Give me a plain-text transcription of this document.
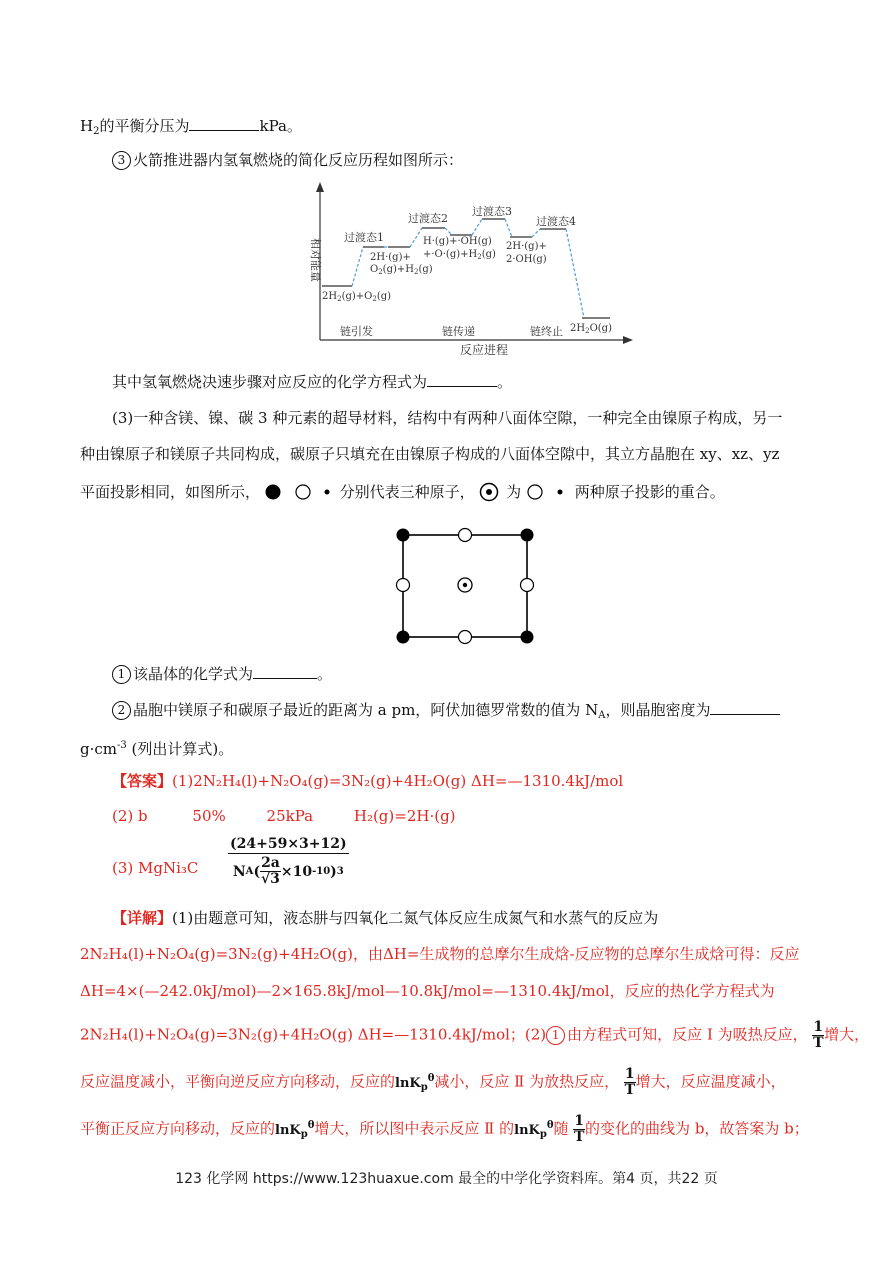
$H_2$的平衡分压为	kPa。
3 火箭推进器内氢氧燃烧的简化反应历程如图所示：
相对能量
反应进程
过渡态1
过渡态2
过渡态3
过渡态4
$2H_2(g)+O_2(g)$
2H·(g)+
$O_2(g)+H_2(g)$
H·(g)+·OH(g)
$+\cdot O\cdot(g)+H_2(g)$
2H·(g)+
2·OH(g)
$2H_2O(g)$
链引发	链传递	链终止
其中氢氧燃烧决速步骤对应反应的化学方程式为	。
(3)一种含镁、镍、碳 3 种元素的超导材料，结构中有两种八面体空隙，一种完全由镍原子构成，另一
种由镍原子和镁原子共同构成，碳原子只填充在由镍原子构成的八面体空隙中，其立方晶胞在 xy、xz、yz
平面投影相同，如图所示，	分别代表三种原子， 为	两种原子投影的重合。
1 该晶体的化学式为	。
2 晶胞中镁原子和碳原子最近的距离为 a pm，阿伏加德罗常数的值为 $N_A$，则晶胞密度为
$g\cdot cm^{-3}$ (列出计算式)。
【答案】(1)2N₂H₄(l)+N₂O₄(g)=3N₂(g)+4H₂O(g) ΔH=—1310.4kJ/mol
(2) b	50%	25kPa	H₂(g)=2H·(g)
(3) MgNi₃C $\frac{(24+59\times 3+12)}{N A ( \frac{2a}{√3} \times 10 -10 ) 3}$
【详解】(1)由题意可知，液态肼与四氧化二氮气体反应生成氮气和水蒸气的反应为
2N₂H₄(l)+N₂O₄(g)=3N₂(g)+4H₂O(g)，由ΔH=生成物的总摩尔生成焓-反应物的总摩尔生成焓可得：反应
ΔH=4×(—242.0kJ/mol)—2×165.8kJ/mol—10.8kJ/mol=—1310.4kJ/mol，反应的热化学方程式为
2N₂H₄(l)+N₂O₄(g)=3N₂(g)+4H₂O(g) ΔH=—1310.4kJ/mol；(2) 1 由方程式可知，反应 Ⅰ 为吸热反应， $\frac{1}{T}$ 增大，
反应温度减小，平衡向逆反应方向移动，反应的lnK$_p^\theta$减小，反应 Ⅱ 为放热反应， $\frac{1}{T}$ 增大，反应温度减小，
平衡正反应方向移动，反应的lnK$_p^\theta$增大，所以图中表示反应 Ⅱ 的lnK$_p^\theta$随 $\frac{1}{T}$ 的变化的曲线为 b，故答案为 b；
123 化学网 https://www.123huaxue.com 最全的中学化学资料库。第4 页，共22 页
